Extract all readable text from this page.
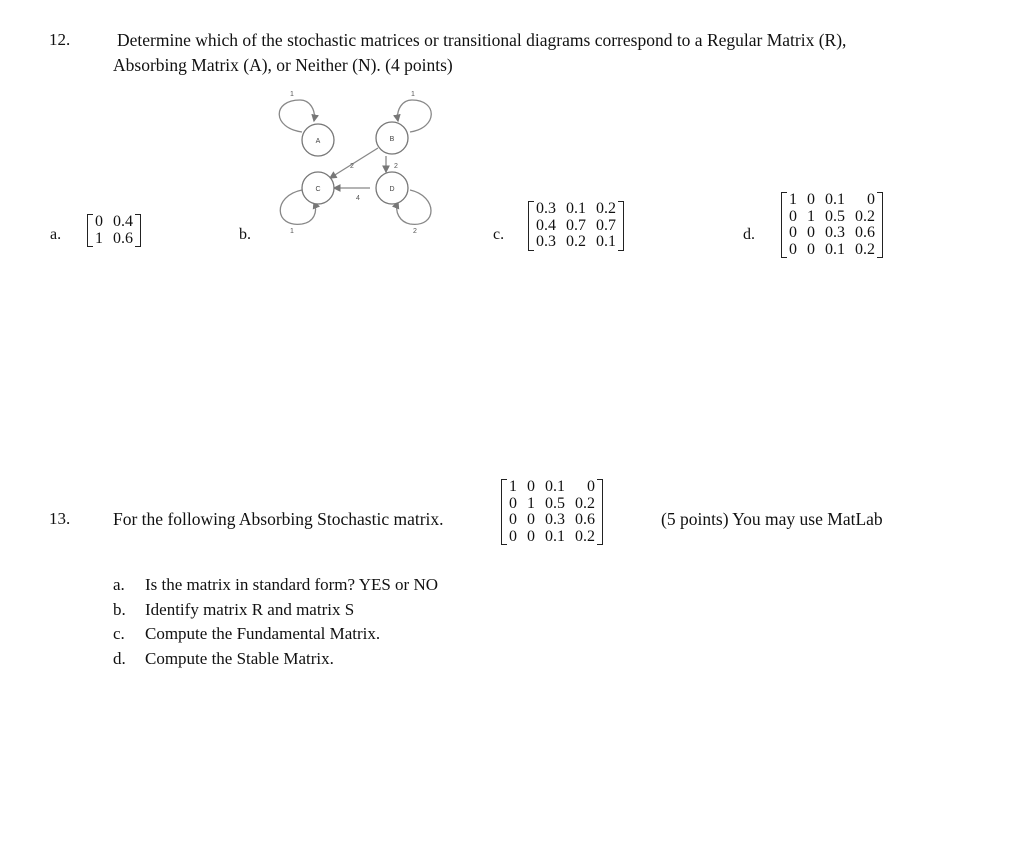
12.	Determine which of the stochastic matrices or transitional diagrams correspond to a Regular Matrix (R),
Absorbing Matrix (A), or Neither (N). (4 points)
a.
0	0.4
1	0.6	b.
A	B
C	D
1	1
1	2
2	2
4
c.
0.3	0.1	0.2
0.4	0.7	0.7
0.3	0.2	0.1	d.
1	0	0.1	0
0	1	0.5	0.2
0	0	0.3	0.6
0	0	0.1	0.2
13. For the following Absorbing Stochastic matrix.
1	0	0.1	0
0	1	0.5	0.2
0	0	0.3	0.6
0	0	0.1	0.2
(5 points) You may use MatLab
a. Is the matrix in standard form? YES or NO
b. Identify matrix R and matrix S
c. Compute the Fundamental Matrix.
d. Compute the Stable Matrix.
